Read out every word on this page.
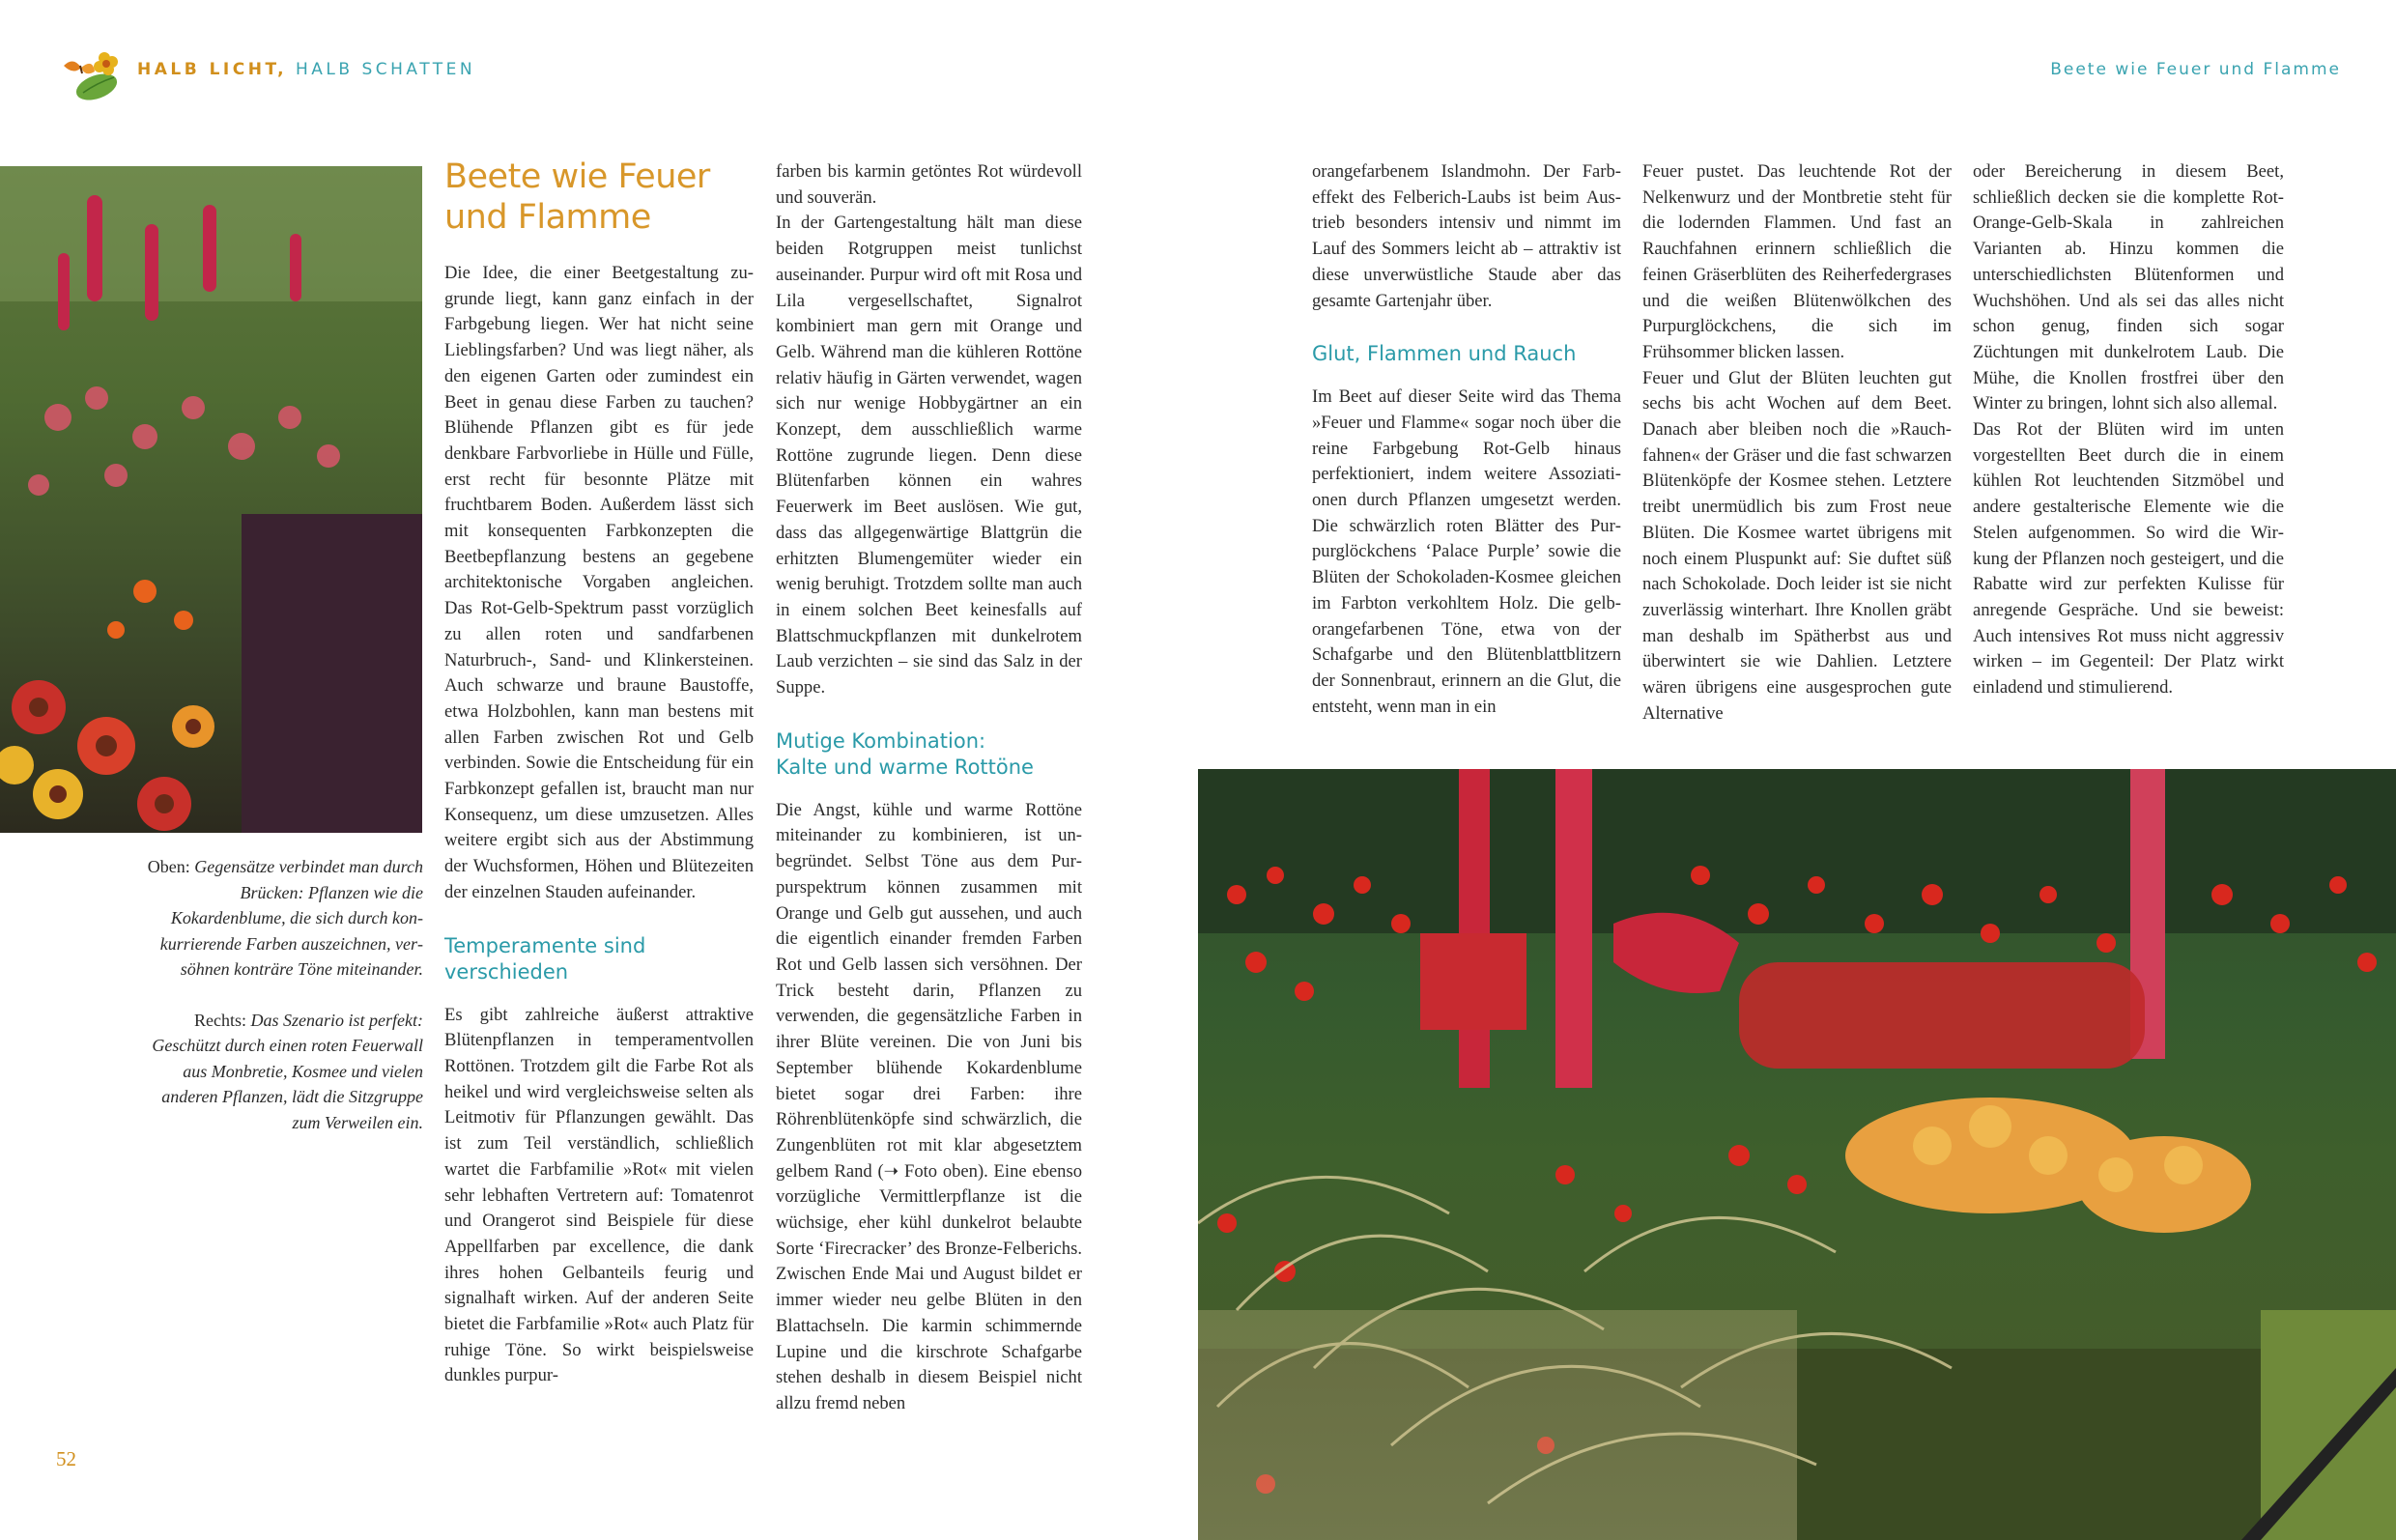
HALB LICHT, HALB SCHATTEN	Beete wie Feuer und Flamme

Oben: Gegensätze verbindet man durch Brücken: Pflanzen wie die Kokardenblume, die sich durch konkurrierende Farben auszeichnen, versöhnen konträre Töne miteinander.

Rechts: Das Szenario ist perfekt: Geschützt durch einen roten Feuerwall aus Monbretie, Kosmee und vielen anderen Pflanzen, lädt die Sitzgruppe zum Verweilen ein.

Beete wie Feuer
und Flamme

Die Idee, die einer Beetgestaltung zugrunde liegt, kann ganz einfach in der Farbgebung liegen. Wer hat nicht seine Lieblingsfarben? Und was liegt näher, als den eigenen Garten oder zumindest ein Beet in genau diese Farben zu tauchen? Blühende Pflanzen gibt es für jede denkbare Farbvorliebe in Hülle und Fülle, erst recht für besonnte Plätze mit fruchtbarem Boden. Außerdem lässt sich mit konsequenten Farbkonzepten die Beetbepflanzung bestens an gegebene architektonische Vorgaben angleichen. Das Rot-Gelb-Spektrum passt vorzüglich zu allen roten und sandfarbenen Naturbruch-, Sand- und Klinkersteinen. Auch schwarze und braune Baustoffe, etwa Holzbohlen, kann man bestens mit allen Farben zwischen Rot und Gelb verbinden. Sowie die Entscheidung für ein Farbkonzept gefallen ist, braucht man nur Konsequenz, um diese umzusetzen. Alles weitere ergibt sich aus der Abstimmung der Wuchsformen, Höhen und Blütezeiten der einzelnen Stauden aufeinander.

Temperamente sind
verschieden

Es gibt zahlreiche äußerst attraktive Blütenpflanzen in temperamentvollen Rottönen. Trotzdem gilt die Farbe Rot als heikel und wird vergleichsweise selten als Leitmotiv für Pflanzungen gewählt. Das ist zum Teil verständlich, schließlich wartet die Farbfamilie »Rot« mit vielen sehr lebhaften Vertretern auf: Tomatenrot und Orangerot sind Beispiele für diese Appellfarben par excellence, die dank ihres hohen Gelbanteils feurig und signalhaft wirken. Auf der anderen Seite bietet die Farbfamilie »Rot« auch Platz für ruhige Töne. So wirkt beispielsweise dunkles purpur-

farben bis karmin getöntes Rot würdevoll und souverän.

In der Gartengestaltung hält man diese beiden Rotgruppen meist tunlichst auseinander. Purpur wird oft mit Rosa und Lila vergesellschaftet, Signalrot kombiniert man gern mit Orange und Gelb. Während man die kühleren Rottöne relativ häufig in Gärten verwendet, wagen sich nur wenige Hobbygärtner an ein Konzept, dem ausschließlich warme Rottöne zugrunde liegen. Denn diese Blütenfarben können ein wahres Feuerwerk im Beet auslösen. Wie gut, dass das allgegenwärtige Blattgrün die erhitzten Blumengemüter wieder ein wenig beruhigt. Trotzdem sollte man auch in einem solchen Beet keinesfalls auf Blattschmuckpflanzen mit dunkelrotem Laub verzichten – sie sind das Salz in der Suppe.

Mutige Kombination:
Kalte und warme Rottöne

Die Angst, kühle und warme Rottöne miteinander zu kombinieren, ist unbegründet. Selbst Töne aus dem Purpurspektrum können zusammen mit Orange und Gelb gut aussehen, und auch die eigentlich einander fremden Farben Rot und Gelb lassen sich versöhnen. Der Trick besteht darin, Pflanzen zu verwenden, die gegensätzliche Farben in ihrer Blüte vereinen. Die von Juni bis September blühende Kokardenblume bietet sogar drei Farben: ihre Röhrenblütenköpfe sind schwärzlich, die Zungenblüten rot mit klar abgesetztem gelbem Rand (➝ Foto oben). Eine ebenso vorzügliche Vermittlerpflanze ist die wüchsige, eher kühl dunkelrot belaubte Sorte ‘Firecracker’ des Bronze-Felberichs. Zwischen Ende Mai und August bildet er immer wieder neu gelbe Blüten in den Blattachseln. Die karmin schimmernde Lupine und die kirschrote Schafgarbe stehen deshalb in diesem Beispiel nicht allzu fremd neben

orangefarbenem Islandmohn. Der Farbeffekt des Felberich-Laubs ist beim Austrieb besonders intensiv und nimmt im Lauf des Sommers leicht ab – attraktiv ist diese unverwüstliche Staude aber das gesamte Gartenjahr über.

Glut, Flammen und Rauch

Im Beet auf dieser Seite wird das Thema »Feuer und Flamme« sogar noch über die reine Farbgebung Rot-Gelb hinaus perfektioniert, indem weitere Assoziationen durch Pflanzen umgesetzt werden. Die schwärzlich roten Blätter des Purpurglöckchens ‘Palace Purple’ sowie die Blüten der Schokoladen-Kosmee gleichen im Farbton verkohltem Holz. Die gelb-orangefarbenen Töne, etwa von der Schafgarbe und den Blütenblattblitzern der Sonnenbraut, erinnern an die Glut, die entsteht, wenn man in ein

Feuer pustet. Das leuchtende Rot der Nelkenwurz und der Montbretie steht für die lodernden Flammen. Und fast an Rauchfahnen erinnern schließlich die feinen Gräserblüten des Reiherfedergrases und die weißen Blütenwölkchen des Purpurglöckchens, die sich im Frühsommer blicken lassen.

Feuer und Glut der Blüten leuchten gut sechs bis acht Wochen auf dem Beet. Danach aber bleiben noch die »Rauchfahnen« der Gräser und die fast schwarzen Blütenköpfe der Kosmee stehen. Letztere treibt unermüdlich bis zum Frost neue Blüten. Die Kosmee wartet übrigens mit noch einem Pluspunkt auf: Sie duftet süß nach Schokolade. Doch leider ist sie nicht zuverlässig winterhart. Ihre Knollen gräbt man deshalb im Spätherbst aus und überwintert sie wie Dahlien. Letztere wären übrigens eine ausgesprochen gute Alternative

oder Bereicherung in diesem Beet, schließlich decken sie die komplette Rot-Orange-Gelb-Skala in zahlreichen Varianten ab. Hinzu kommen die unterschiedlichsten Blütenformen und Wuchshöhen. Und als sei das alles nicht schon genug, finden sich sogar Züchtungen mit dunkelrotem Laub. Die Mühe, die Knollen frostfrei über den Winter zu bringen, lohnt sich also allemal.

Das Rot der Blüten wird im unten vorgestellten Beet durch die in einem kühlen Rot leuchtenden Sitzmöbel und andere gestalterische Elemente wie die Stelen aufgenommen. So wird die Wirkung der Pflanzen noch gesteigert, und die Rabatte wird zur perfekten Kulisse für anregende Gespräche. Und sie beweist: Auch intensives Rot muss nicht aggressiv wirken – im Gegenteil: Der Platz wirkt einladend und stimulierend.

52
